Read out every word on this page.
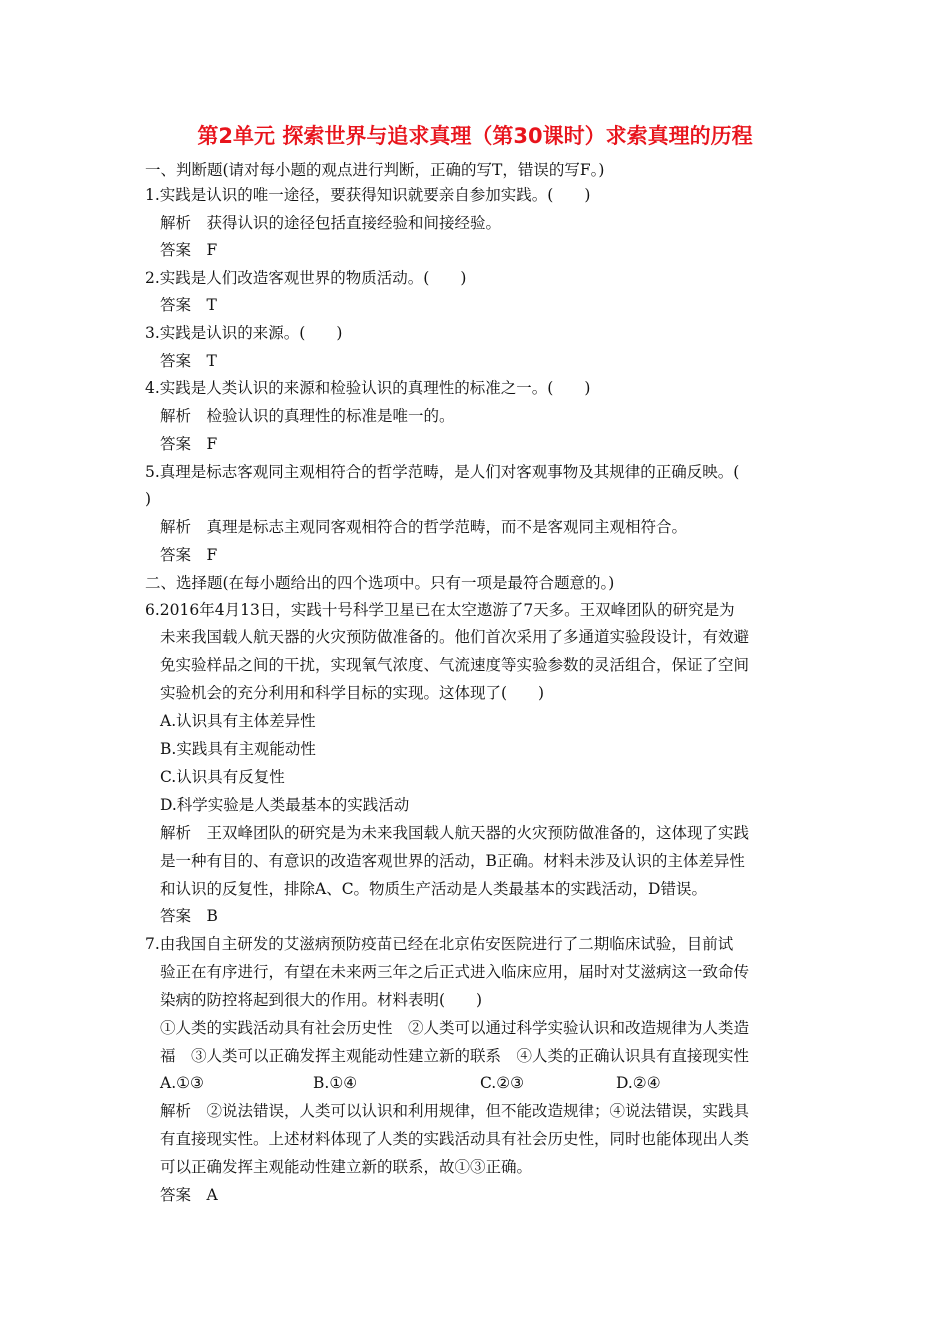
第2单元 探索世界与追求真理（第30课时）求索真理的历程
一、判断题(请对每小题的观点进行判断，正确的写T，错误的写F。)
1.实践是认识的唯一途径，要获得知识就要亲自参加实践。(　　)
解析　获得认识的途径包括直接经验和间接经验。
答案　F
2.实践是人们改造客观世界的物质活动。(　　)
答案　T
3.实践是认识的来源。(　　)
答案　T
4.实践是人类认识的来源和检验认识的真理性的标准之一。(　　)
解析　检验认识的真理性的标准是唯一的。
答案　F
5.真理是标志客观同主观相符合的哲学范畴，是人们对客观事物及其规律的正确反映。(
)
解析　真理是标志主观同客观相符合的哲学范畴，而不是客观同主观相符合。
答案　F
二、选择题(在每小题给出的四个选项中。只有一项是最符合题意的。)
6.2016年4月13日，实践十号科学卫星已在太空遨游了7天多。王双峰团队的研究是为
未来我国载人航天器的火灾预防做准备的。他们首次采用了多通道实验段设计，有效避
免实验样品之间的干扰，实现氧气浓度、气流速度等实验参数的灵活组合，保证了空间
实验机会的充分利用和科学目标的实现。这体现了(　　)
A.认识具有主体差异性
B.实践具有主观能动性
C.认识具有反复性
D.科学实验是人类最基本的实践活动
解析　王双峰团队的研究是为未来我国载人航天器的火灾预防做准备的，这体现了实践
是一种有目的、有意识的改造客观世界的活动，B正确。材料未涉及认识的主体差异性
和认识的反复性，排除A、C。物质生产活动是人类最基本的实践活动，D错误。
答案　B
7.由我国自主研发的艾滋病预防疫苗已经在北京佑安医院进行了二期临床试验，目前试
验正在有序进行，有望在未来两三年之后正式进入临床应用，届时对艾滋病这一致命传
染病的防控将起到很大的作用。材料表明(　　)
①人类的实践活动具有社会历史性　②人类可以通过科学实验认识和改造规律为人类造
福　③人类可以正确发挥主观能动性建立新的联系　④人类的正确认识具有直接现实性
A.①③	B.①④	C.②③	D.②④
解析　②说法错误，人类可以认识和利用规律，但不能改造规律；④说法错误，实践具
有直接现实性。上述材料体现了人类的实践活动具有社会历史性，同时也能体现出人类
可以正确发挥主观能动性建立新的联系，故①③正确。
答案　A
